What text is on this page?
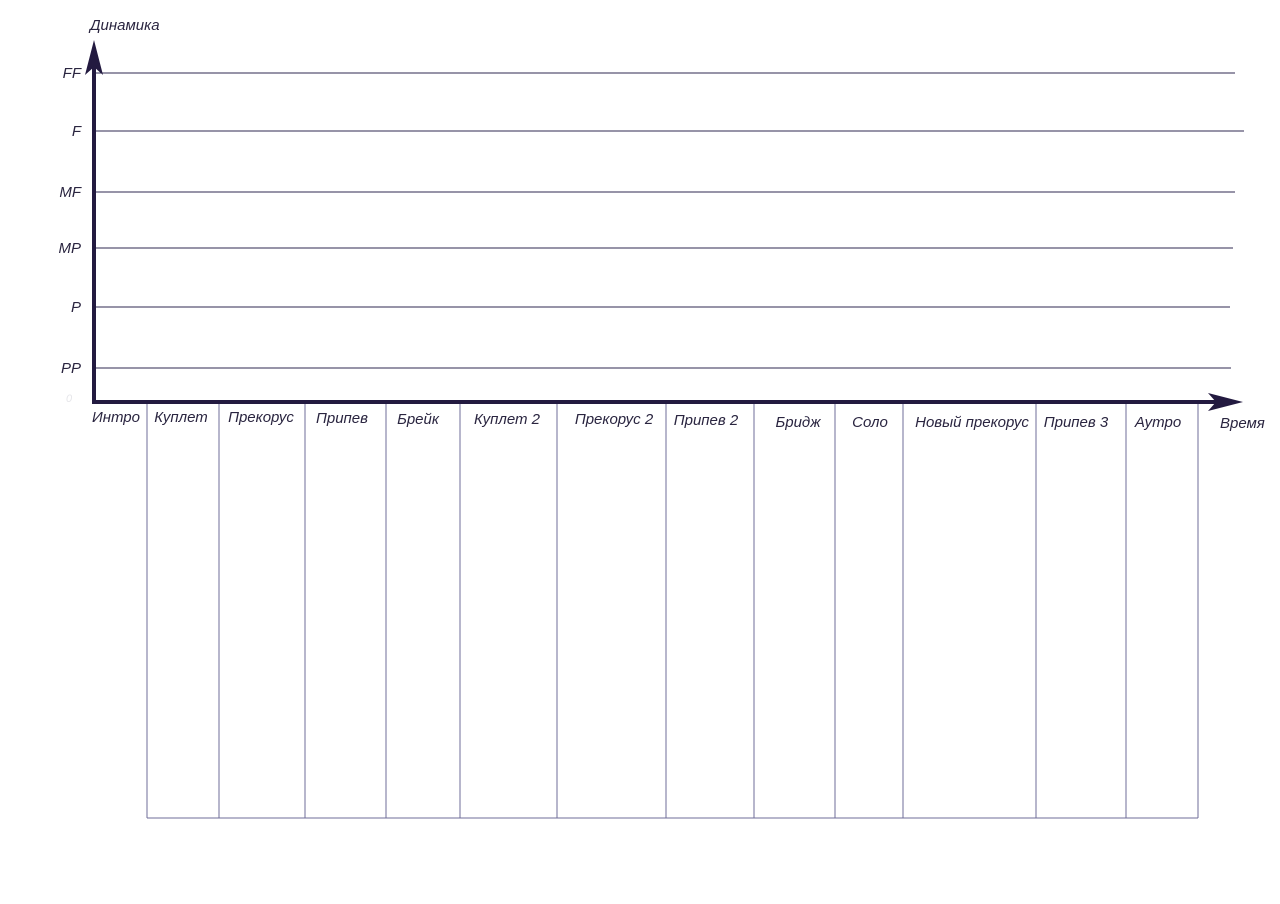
FF
F
MF
MP
P
PP
Интро Куплет Прекорус Припев Брейк Куплет 2 Прекорус 2 Припев 2 Бридж Соло Новый прекорус Припев 3 Аутро
Динамика
Время
0
